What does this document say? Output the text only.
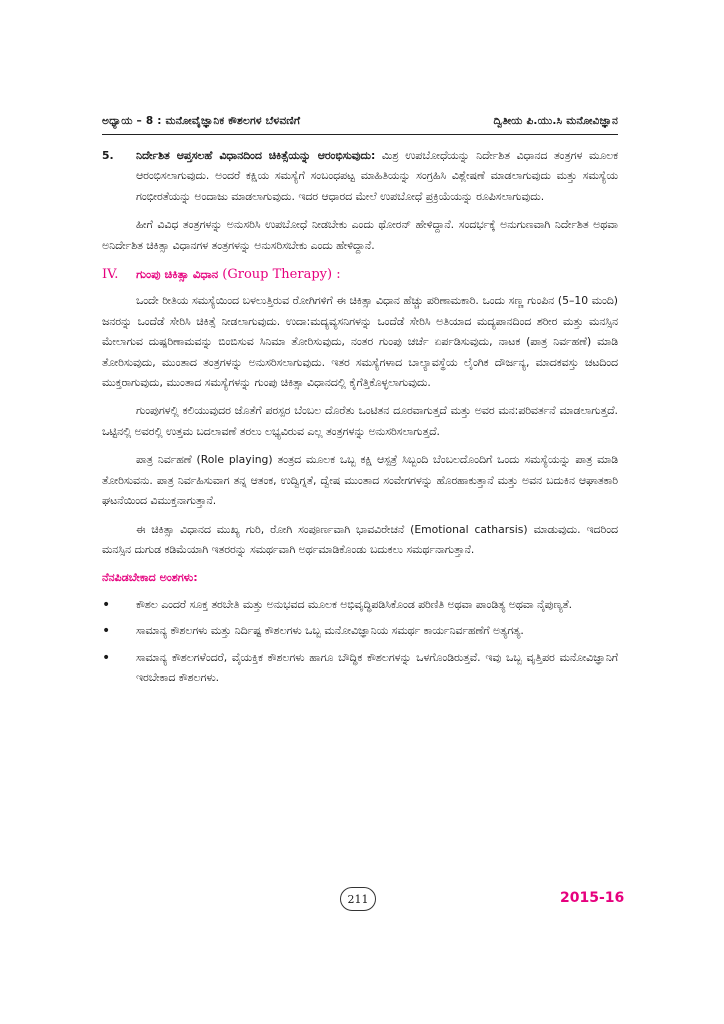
ಅಧ್ಯಾಯ – 8 : ಮನೋವೈಜ್ಞಾನಿಕ ಕೌಶಲಗಳ ಬೆಳವಣಿಗೆ	ದ್ವಿತೀಯ ಪಿ.ಯು.ಸಿ ಮನೋವಿಜ್ಞಾನ
5.	ನಿರ್ದೇಶಿತ ಆಪ್ತಸಲಹೆ ವಿಧಾನದಿಂದ ಚಿಕಿತ್ಸೆಯನ್ನು ಆರಂಭಿಸುವುದು: ಮಿಶ್ರ ಉಪಬೋಧೆಯನ್ನು ನಿರ್ದೇಶಿತ ವಿಧಾನದ ತಂತ್ರಗಳ ಮೂಲಕ ಆರಂಭಿಸಲಾಗುವುದು. ಅಂದರೆ ಕಕ್ಷಿಯ ಸಮಸ್ಯೆಗೆ ಸಂಬಂಧಪಟ್ಟ ಮಾಹಿತಿಯನ್ನು ಸಂಗ್ರಹಿಸಿ ವಿಶ್ಲೇಷಣೆ ಮಾಡಲಾಗುವುದು ಮತ್ತು ಸಮಸ್ಯೆಯ ಗಂಭೀರತೆಯನ್ನು ಅಂದಾಜು ಮಾಡಲಾಗುವುದು. ಇದರ ಆಧಾರದ ಮೇಲೆ ಉಪಬೋಧೆ ಪ್ರಕ್ರಿಯೆಯನ್ನು ರೂಪಿಸಲಾಗುವುದು.

ಹೀಗೆ ವಿವಿಧ ತಂತ್ರಗಳನ್ನು ಅನುಸರಿಸಿ ಉಪಬೋಧೆ ನೀಡಬೇಕು ಎಂದು ಥೋರನ್ ಹೇಳಿದ್ದಾನೆ. ಸಂದರ್ಭಕ್ಕೆ ಅನುಗುಣವಾಗಿ ನಿರ್ದೇಶಿತ ಅಥವಾ ಅನಿರ್ದೇಶಿತ ಚಿಕಿತ್ಸಾ ವಿಧಾನಗಳ ತಂತ್ರಗಳನ್ನು ಅನುಸರಿಸಬೇಕು ಎಂದು ಹೇಳಿದ್ದಾನೆ.

IV. ಗುಂಪು ಚಿಕಿತ್ಸಾ ವಿಧಾನ (Group Therapy) :

ಒಂದೇ ರೀತಿಯ ಸಮಸ್ಯೆಯಿಂದ ಬಳಲುತ್ತಿರುವ ರೋಗಿಗಳಿಗೆ ಈ ಚಿಕಿತ್ಸಾ ವಿಧಾನ ಹೆಚ್ಚು ಪರಿಣಾಮಕಾರಿ. ಒಂದು ಸಣ್ಣ ಗುಂಪಿನ (5–10 ಮಂದಿ) ಜನರನ್ನು ಒಂದೆಡೆ ಸೇರಿಸಿ ಚಿಕಿತ್ಸೆ ನೀಡಲಾಗುವುದು. ಉದಾ:ಮದ್ಯವ್ಯಸನಿಗಳನ್ನು ಒಂದೆಡೆ ಸೇರಿಸಿ ಅತಿಯಾದ ಮದ್ಯಪಾನದಿಂದ ಶರೀರ ಮತ್ತು ಮನಸ್ಸಿನ ಮೇಲಾಗುವ ದುಷ್ಪರಿಣಾಮವನ್ನು ಬಿಂಬಿಸುವ ಸಿನಿಮಾ ತೋರಿಸುವುದು, ನಂತರ ಗುಂಪು ಚರ್ಚೆ ಏರ್ಪಡಿಸುವುದು, ನಾಟಕ (ಪಾತ್ರ ನಿರ್ವಹಣೆ) ಮಾಡಿ ತೋರಿಸುವುದು, ಮುಂತಾದ ತಂತ್ರಗಳನ್ನು ಅನುಸರಿಸಲಾಗುವುದು. ಇತರ ಸಮಸ್ಯೆಗಳಾದ ಬಾಲ್ಯಾವಸ್ಥೆಯ ಲೈಂಗಿಕ ದೌರ್ಜನ್ಯ, ಮಾದಕವಸ್ತು ಚಟದಿಂದ ಮುಕ್ತರಾಗುವುದು, ಮುಂತಾದ ಸಮಸ್ಯೆಗಳನ್ನು ಗುಂಪು ಚಿಕಿತ್ಸಾ ವಿಧಾನದಲ್ಲಿ ಕೈಗೆತ್ತಿಕೊಳ್ಳಲಾಗುವುದು.

ಗುಂಪುಗಳಲ್ಲಿ ಕಲಿಯುವುದರ ಜೊತೆಗೆ ಪರಸ್ಪರ ಬೆಂಬಲ ದೊರೆತು ಒಂಟಿತನ ದೂರವಾಗುತ್ತದೆ ಮತ್ತು ಅವರ ಮನ:ಪರಿವರ್ತನೆ ಮಾಡಲಾಗುತ್ತದೆ. ಒಟ್ಟಿನಲ್ಲಿ ಅವರಲ್ಲಿ ಉತ್ತಮ ಬದಲಾವಣೆ ತರಲು ಲಭ್ಯವಿರುವ ಎಲ್ಲ ತಂತ್ರಗಳನ್ನು ಅನುಸರಿಸಲಾಗುತ್ತದೆ.

ಪಾತ್ರ ನಿರ್ವಹಣೆ (Role playing) ತಂತ್ರದ ಮೂಲಕ ಒಬ್ಬ ಕಕ್ಷಿ ಆಸ್ಪತ್ರೆ ಸಿಬ್ಬಂದಿ ಬೆಂಬಲದೊಂದಿಗೆ ಒಂದು ಸಮಸ್ಯೆಯನ್ನು ಪಾತ್ರ ಮಾಡಿ ತೋರಿಸುವನು. ಪಾತ್ರ ನಿರ್ವಹಿಸುವಾಗ ತನ್ನ ಆತಂಕ, ಉದ್ವಿಗ್ನತೆ, ದ್ವೇಷ ಮುಂತಾದ ಸಂವೇಗಗಳನ್ನು ಹೊರಹಾಕುತ್ತಾನೆ ಮತ್ತು ಅವನ ಬದುಕಿನ ಆಘಾತಕಾರಿ ಘಟನೆಯಿಂದ ವಿಮುಕ್ತನಾಗುತ್ತಾನೆ.

ಈ ಚಿಕಿತ್ಸಾ ವಿಧಾನದ ಮುಖ್ಯ ಗುರಿ, ರೋಗಿ ಸಂಪೂರ್ಣವಾಗಿ ಭಾವವಿರೇಚನೆ (Emotional catharsis) ಮಾಡುವುದು. ಇದರಿಂದ ಮನಸ್ಸಿನ ದುಗುಡ ಕಡಿಮೆಯಾಗಿ ಇತರರನ್ನು ಸಮರ್ಥವಾಗಿ ಅರ್ಥಮಾಡಿಕೊಂಡು ಬದುಕಲು ಸಮರ್ಥನಾಗುತ್ತಾನೆ.

ನೆನಪಿಡಬೇಕಾದ ಅಂಶಗಳು:
•	ಕೌಶಲ ಎಂದರೆ ಸೂಕ್ತ ತರಬೇತಿ ಮತ್ತು ಅನುಭವದ ಮೂಲಕ ಅಭಿವೃದ್ಧಿಪಡಿಸಿಕೊಂಡ ಪರಿಣಿತಿ ಅಥವಾ ಪಾಂಡಿತ್ಯ ಅಥವಾ ನೈಪುಣ್ಯತೆ.
•	ಸಾಮಾನ್ಯ ಕೌಶಲಗಳು ಮತ್ತು ನಿರ್ದಿಷ್ಟ ಕೌಶಲಗಳು ಒಬ್ಬ ಮನೋವಿಜ್ಞಾನಿಯ ಸಮರ್ಥ ಕಾರ್ಯನಿರ್ವಹಣೆಗೆ ಅತ್ಯಗತ್ಯ.
•	ಸಾಮಾನ್ಯ ಕೌಶಲಗಳೆಂದರೆ, ವೈಯಕ್ತಿಕ ಕೌಶಲಗಳು ಹಾಗೂ ಬೌದ್ಧಿಕ ಕೌಶಲಗಳನ್ನು ಒಳಗೊಂಡಿರುತ್ತವೆ. ಇವು ಒಬ್ಬ ವೃತ್ತಿಪರ ಮನೋವಿಜ್ಞಾನಿಗೆ ಇರಬೇಕಾದ ಕೌಶಲಗಳು.
211	2015-16
